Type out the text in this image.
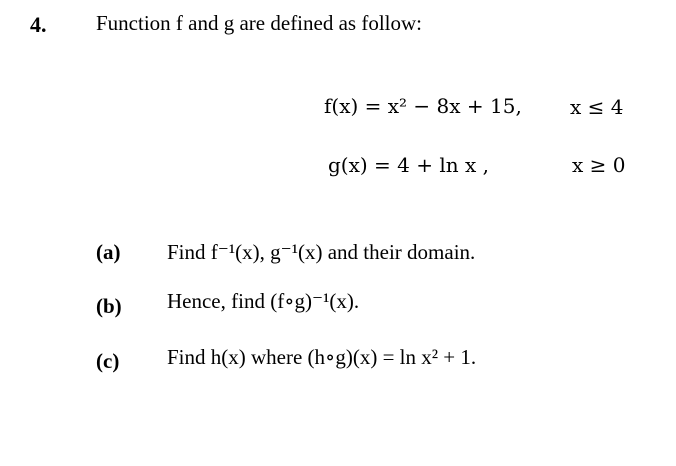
4. Function f and g are defined as follow:
f(x) = x² − 8x + 15, x ≤ 4
g(x) = 4 + ln x ,	x ≥ 0
(a) Find f⁻¹(x), g⁻¹(x) and their domain.
(b) Hence, find (f∘g)⁻¹(x).
(c) Find h(x) where (h∘g)(x) = ln x² + 1.
